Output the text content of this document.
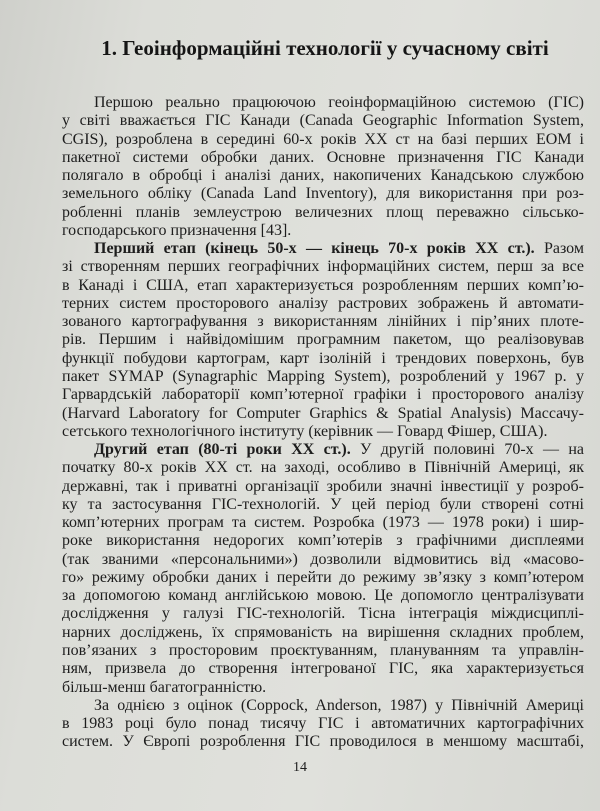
1. Геоінформаційні технології у сучасному світі
Першою реально працюючою геоінформаційною системою (ГІС)
у світі вважається ГІС Канади (Canada Geographic Information System,
CGIS), розроблена в середині 60-х років XX ст на базі перших ЕОМ і
пакетної системи обробки даних. Основне призначення ГІС Канади
полягало в обробці і аналізі даних, накопичених Канадською службою
земельного обліку (Canada Land Inventory), для використання при роз-
робленні планів землеустрою величезних площ переважно сільсько-
господарського призначення [43].
Перший етап (кінець 50-х — кінець 70-х років XX ст.). Разом
зі створенням перших географічних інформаційних систем, перш за все
в Канаді і США, етап характеризується розробленням перших комп’ю-
терних систем просторового аналізу растрових зображень й автомати-
зованого картографування з використанням лінійних і пір’яних плоте-
рів. Першим і найвідомішим програмним пакетом, що реалізовував
функції побудови картограм, карт ізоліній і трендових поверхонь, був
пакет SYMAP (Synagraphic Mapping System), розроблений у 1967 р. у
Гарвардській лабораторії комп’ютерної графіки і просторового аналізу
(Harvard Laboratory for Computer Graphics & Spatial Analysis) Массачу-
сетського технологічного інституту (керівник — Говард Фішер, США).
Другий етап (80-ті роки XX ст.). У другій половині 70-х — на
початку 80-х років XX ст. на заході, особливо в Північній Америці, як
державні, так і приватні організації зробили значні інвестиції у розроб-
ку та застосування ГІС-технологій. У цей період були створені сотні
комп’ютерних програм та систем. Розробка (1973 — 1978 роки) і шир-
роке використання недорогих комп’ютерів з графічними дисплеями
(так званими «персональними») дозволили відмовитись від «масово-
го» режиму обробки даних і перейти до режиму зв’язку з комп’ютером
за допомогою команд англійською мовою. Це допомогло централізувати
дослідження у галузі ГІС-технологій. Тісна інтеграція міждисциплі-
нарних досліджень, їх спрямованість на вирішення складних проблем,
пов’язаних з просторовим проєктуванням, плануванням та управлін-
ням, призвела до створення інтегрованої ГІС, яка характеризується
більш-менш багатогранністю.
За однією з оцінок (Coppock, Anderson, 1987) у Північній Америці
в 1983 році було понад тисячу ГІС і автоматичних картографічних
систем. У Європі розроблення ГІС проводилося в меншому масштабі,
14
